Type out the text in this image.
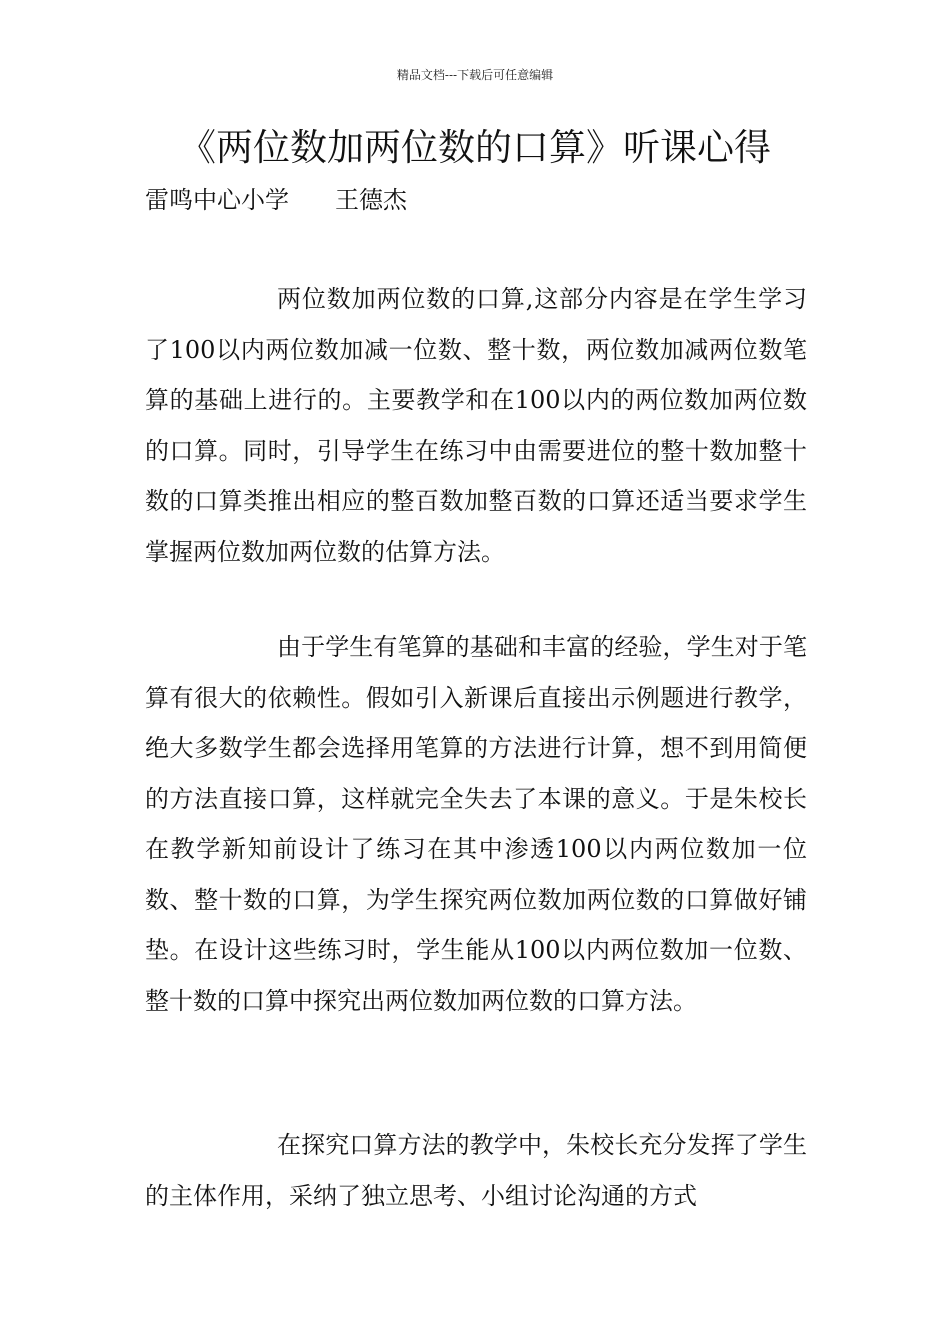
精品文档---下载后可任意编辑
《两位数加两位数的口算》听课心得
雷鸣中心小学 王德杰

两位数加两位数的口算,这部分内容是在学生学习了100以内两位数加减一位数、整十数，两位数加减两位数笔算的基础上进行的。主要教学和在100以内的两位数加两位数的口算。同时，引导学生在练习中由需要进位的整十数加整十数的口算类推出相应的整百数加整百数的口算还适当要求学生掌握两位数加两位数的估算方法。

由于学生有笔算的基础和丰富的经验，学生对于笔算有很大的依赖性。假如引入新课后直接出示例题进行教学，绝大多数学生都会选择用笔算的方法进行计算，想不到用简便的方法直接口算，这样就完全失去了本课的意义。于是朱校长在教学新知前设计了练习在其中渗透100以内两位数加一位数、整十数的口算，为学生探究两位数加两位数的口算做好铺垫。在设计这些练习时，学生能从100以内两位数加一位数、整十数的口算中探究出两位数加两位数的口算方法。

在探究口算方法的教学中，朱校长充分发挥了学生的主体作用，采纳了独立思考、小组讨论沟通的方式
